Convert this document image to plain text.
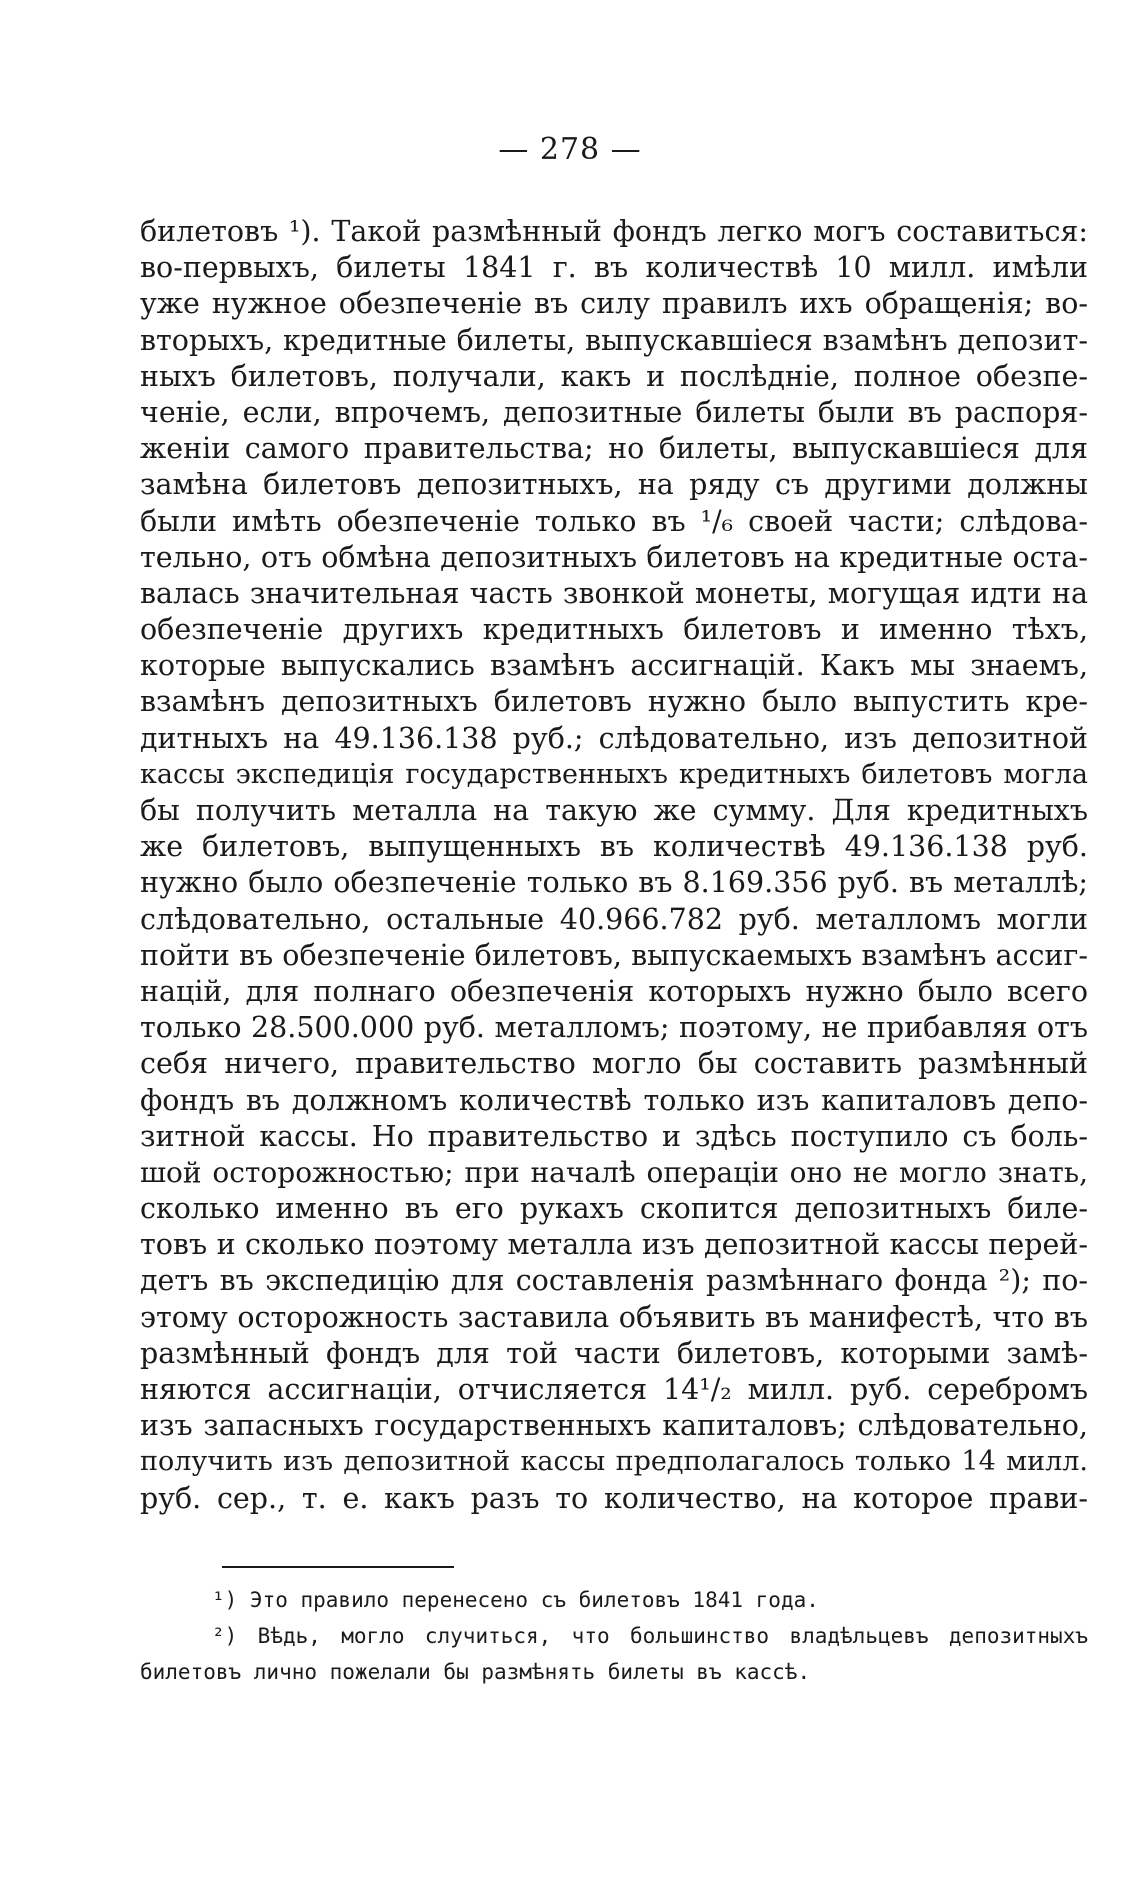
— 278 —
билетовъ ¹). Такой размѣнный фондъ легко могъ составиться:
во-первыхъ, билеты 1841 г. въ количествѣ 10 милл. имѣли
уже нужное обезпеченіе въ силу правилъ ихъ обращенія; во-
вторыхъ, кредитные билеты, выпускавшіеся взамѣнъ депозит-
ныхъ билетовъ, получали, какъ и послѣдніе, полное обезпе-
ченіе, если, впрочемъ, депозитные билеты были въ распоря-
женіи самого правительства; но билеты, выпускавшіеся для
замѣна билетовъ депозитныхъ, на ряду съ другими должны
были имѣть обезпеченіе только въ ¹/₆ своей части; слѣдова-
тельно, отъ обмѣна депозитныхъ билетовъ на кредитные оста-
валась значительная часть звонкой монеты, могущая идти на
обезпеченіе другихъ кредитныхъ билетовъ и именно тѣхъ,
которые выпускались взамѣнъ ассигнацій. Какъ мы знаемъ,
взамѣнъ депозитныхъ билетовъ нужно было выпустить кре-
дитныхъ на 49.136.138 руб.; слѣдовательно, изъ депозитной
кассы экспедиція государственныхъ кредитныхъ билетовъ могла
бы получить металла на такую же сумму. Для кредитныхъ
же билетовъ, выпущенныхъ въ количествѣ 49.136.138 руб.
нужно было обезпеченіе только въ 8.169.356 руб. въ металлѣ;
слѣдовательно, остальные 40.966.782 руб. металломъ могли
пойти въ обезпеченіе билетовъ, выпускаемыхъ взамѣнъ ассиг-
націй, для полнаго обезпеченія которыхъ нужно было всего
только 28.500.000 руб. металломъ; поэтому, не прибавляя отъ
себя ничего, правительство могло бы составить размѣнный
фондъ въ должномъ количествѣ только изъ капиталовъ депо-
зитной кассы. Но правительство и здѣсь поступило съ боль-
шой осторожностью; при началѣ операціи оно не могло знать,
сколько именно въ его рукахъ скопится депозитныхъ биле-
товъ и сколько поэтому металла изъ депозитной кассы перей-
детъ въ экспедицію для составленія размѣннаго фонда ²); по-
этому осторожность заставила объявить въ манифестѣ, что въ
размѣнный фондъ для той части билетовъ, которыми замѣ-
няются ассигнаціи, отчисляется 14¹/₂ милл. руб. серебромъ
изъ запасныхъ государственныхъ капиталовъ; слѣдовательно,
получить изъ депозитной кассы предполагалось только 14 милл.
руб. сер., т. е. какъ разъ то количество, на которое прави-
¹) Это правило перенесено съ билетовъ 1841 года.
²) Вѣдь, могло случиться, что большинство владѣльцевъ депозитныхъ
билетовъ лично пожелали бы размѣнять билеты въ кассѣ.
